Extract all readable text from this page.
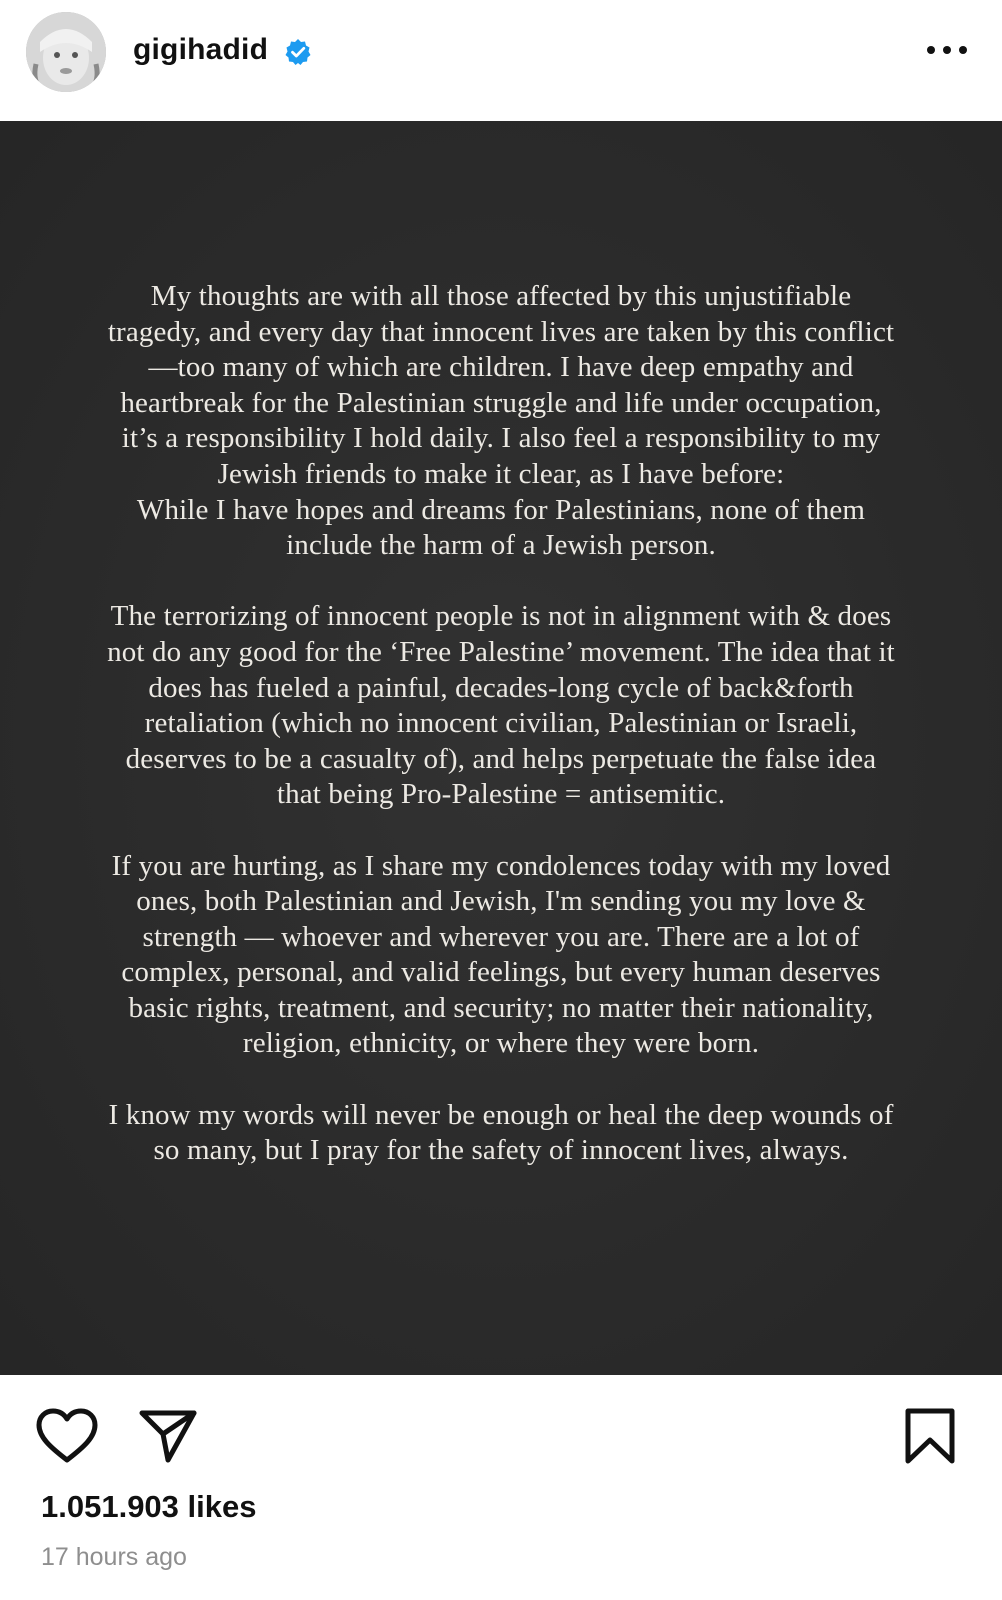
gigihadid

My thoughts are with all those affected by this unjustifiable
tragedy, and every day that innocent lives are taken by this conflict
—too many of which are children. I have deep empathy and
heartbreak for the Palestinian struggle and life under occupation,
it’s a responsibility I hold daily. I also feel a responsibility to my
Jewish friends to make it clear, as I have before:
While I have hopes and dreams for Palestinians, none of them
include the harm of a Jewish person.

The terrorizing of innocent people is not in alignment with & does
not do any good for the ‘Free Palestine’ movement. The idea that it
does has fueled a painful, decades-long cycle of back&forth
retaliation (which no innocent civilian, Palestinian or Israeli,
deserves to be a casualty of), and helps perpetuate the false idea
that being Pro-Palestine = antisemitic.

If you are hurting, as I share my condolences today with my loved
ones, both Palestinian and Jewish, I'm sending you my love &
strength — whoever and wherever you are. There are a lot of
complex, personal, and valid feelings, but every human deserves
basic rights, treatment, and security; no matter their nationality,
religion, ethnicity, or where they were born.

I know my words will never be enough or heal the deep wounds of
so many, but I pray for the safety of innocent lives, always.

1.051.903 likes
17 hours ago
